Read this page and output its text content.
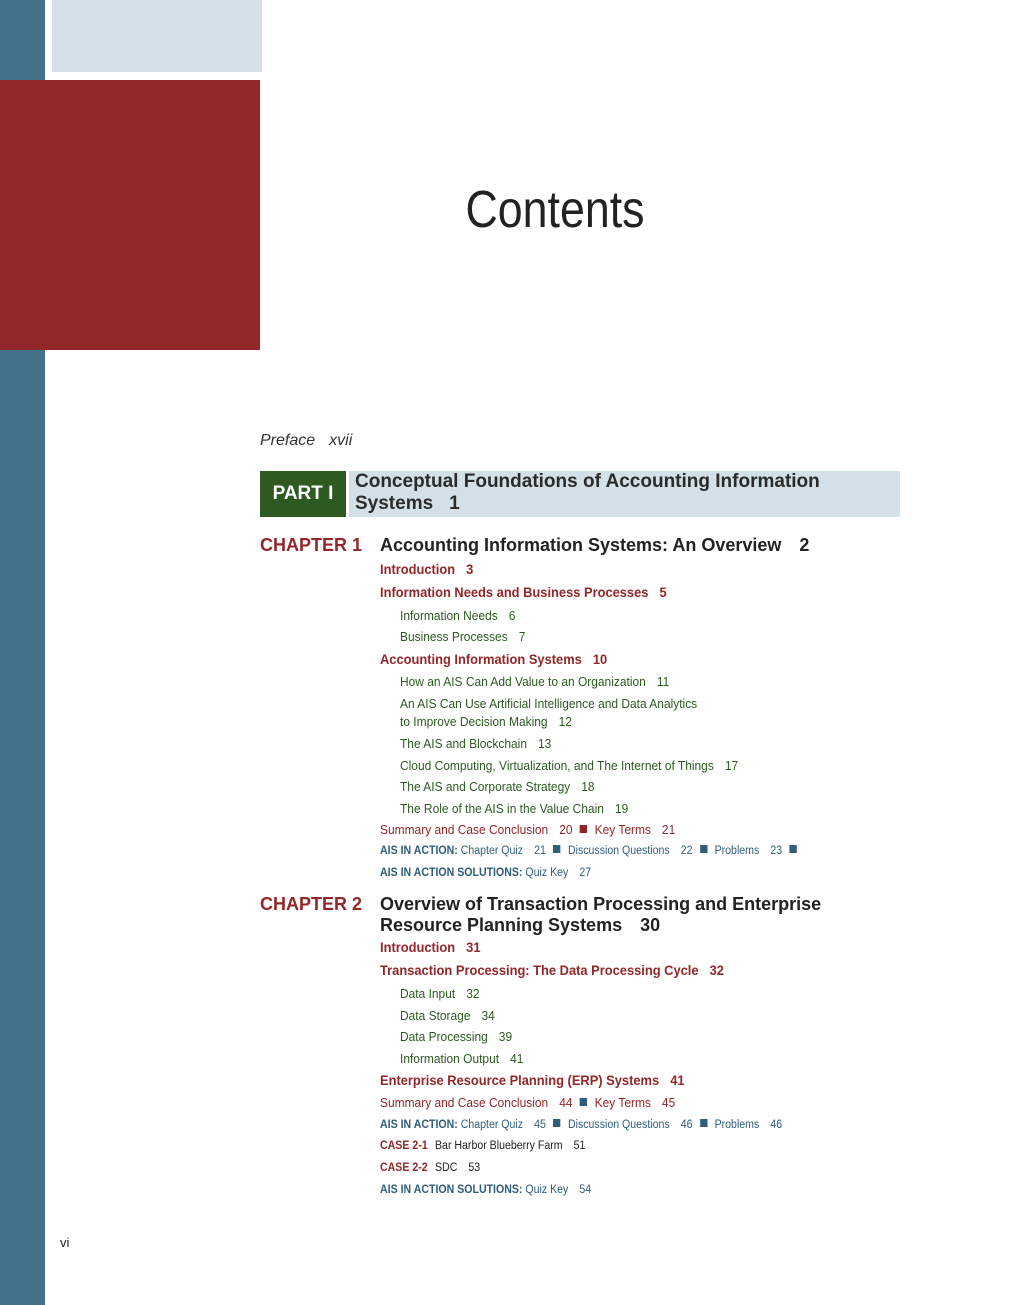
Contents
Preface xvii
PART I
Conceptual Foundations of Accounting Information Systems 1
CHAPTER 1 Accounting Information Systems: An Overview 2
Introduction 3
Information Needs and Business Processes 5
Information Needs 6
Business Processes 7
Accounting Information Systems 10
How an AIS Can Add Value to an Organization 11
An AIS Can Use Artificial Intelligence and Data Analytics
to Improve Decision Making 12
The AIS and Blockchain 13
Cloud Computing, Virtualization, and The Internet of Things 17
The AIS and Corporate Strategy 18
The Role of the AIS in the Value Chain 19
Summary and Case Conclusion 20 Key Terms 21
AIS IN ACTION: Chapter Quiz 21 Discussion Questions 22 Problems 23
AIS IN ACTION SOLUTIONS: Quiz Key 27
CHAPTER 2 Overview of Transaction Processing and Enterprise
Resource Planning Systems 30
Introduction 31
Transaction Processing: The Data Processing Cycle 32
Data Input 32
Data Storage 34
Data Processing 39
Information Output 41
Enterprise Resource Planning (ERP) Systems 41
Summary and Case Conclusion 44 Key Terms 45
AIS IN ACTION: Chapter Quiz 45 Discussion Questions 46 Problems 46
CASE 2-1 Bar Harbor Blueberry Farm 51
CASE 2-2 SDC 53
AIS IN ACTION SOLUTIONS: Quiz Key 54
vi
